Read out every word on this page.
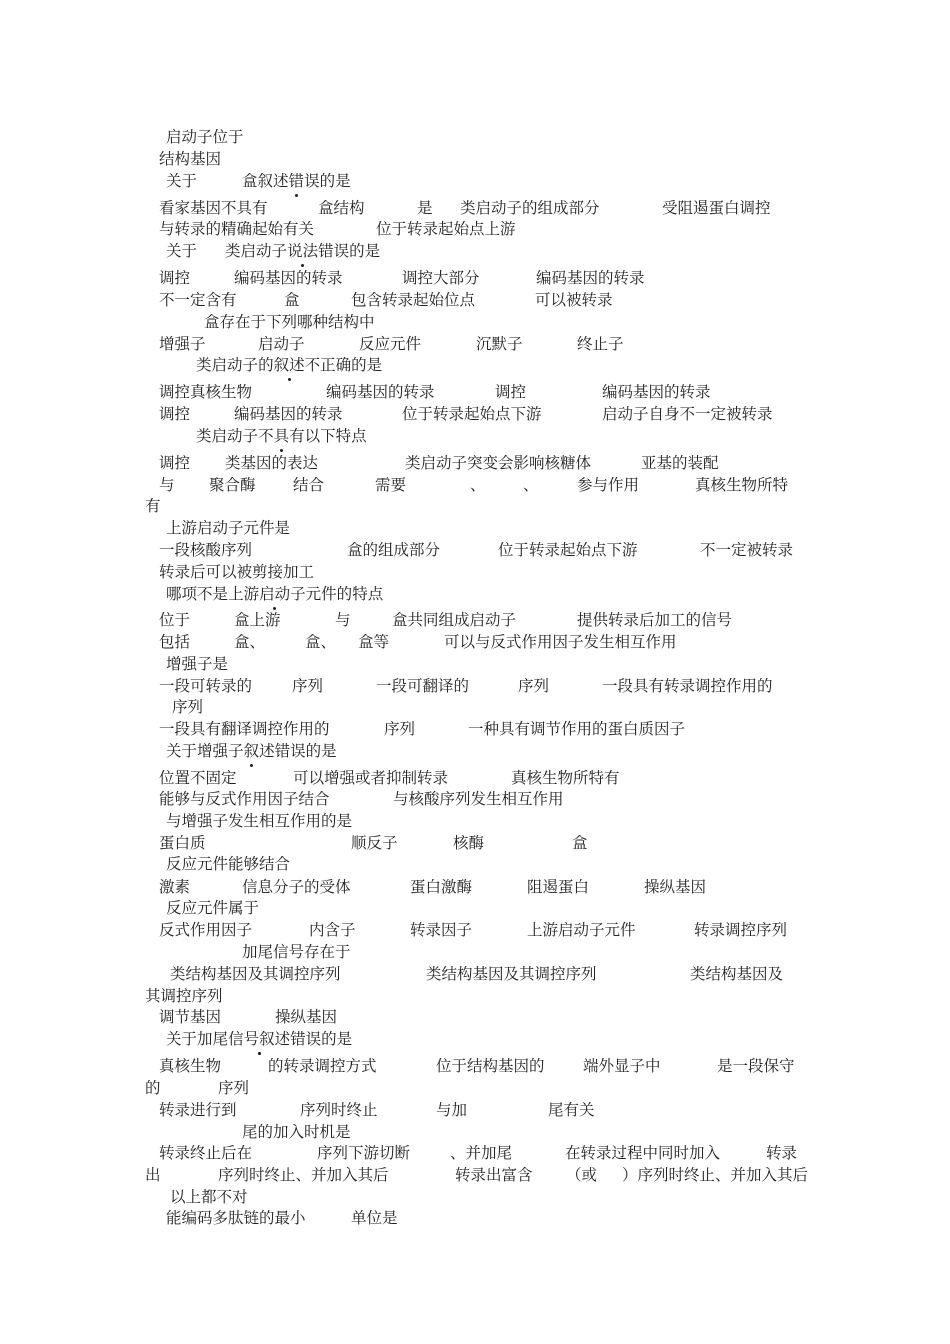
启动子位于
结构基因
关于	盒叙述错误的是
看家基因不具有	盒结构	是 类启动子的组成部分	受阻遏蛋白调控
与转录的精确起始有关	位于转录起始点上游
关于 类启动子说法错误的是
调控	编码基因的转录	调控大部分	编码基因的转录
不一定含有	盒	包含转录起始位点	可以被转录
盒存在于下列哪种结构中
增强子	启动子	反应元件	沉默子	终止子
类启动子的叙述不正确的是
调控真核生物	编码基因的转录	调控	编码基因的转录
调控	编码基因的转录	位于转录起始点下游	启动子自身不一定被转录
类启动子不具有以下特点
调控 类基因的表达	类启动子突变会影响核糖体	亚基的装配
与 聚合酶 结合	需要	、 、 参与作用	真核生物所特
有
上游启动子元件是
一段核酸序列	盒的组成部分	位于转录起始点下游	不一定被转录
转录后可以被剪接加工
哪项不是上游启动子元件的特点
位于	盒上游	与	盒共同组成启动子	提供转录后加工的信号
包括	盒、	盒、 盒等	可以与反式作用因子发生相互作用
增强子是
一段可转录的	序列	一段可翻译的	序列	一段具有转录调控作用的
序列
一段具有翻译调控作用的	序列	一种具有调节作用的蛋白质因子
关于增强子叙述错误的是
位置不固定	可以增强或者抑制转录	真核生物所特有
能够与反式作用因子结合	与核酸序列发生相互作用
与增强子发生相互作用的是
蛋白质	顺反子	核酶	盒
反应元件能够结合
激素	信息分子的受体	蛋白激酶	阻遏蛋白	操纵基因
反应元件属于
反式作用因子	内含子	转录因子	上游启动子元件	转录调控序列
加尾信号存在于
类结构基因及其调控序列	类结构基因及其调控序列	类结构基因及
其调控序列
调节基因	操纵基因
关于加尾信号叙述错误的是
真核生物	的转录调控方式	位于结构基因的 端外显子中	是一段保守
的	序列
转录进行到	序列时终止	与加	尾有关
尾的加入时机是
转录终止后在	序列下游切断	、并加尾	在转录过程中同时加入	转录
出	序列时终止、并加入其后	转录出富含 （或 ）序列时终止、并加入其后
以上都不对
能编码多肽链的最小	单位是
